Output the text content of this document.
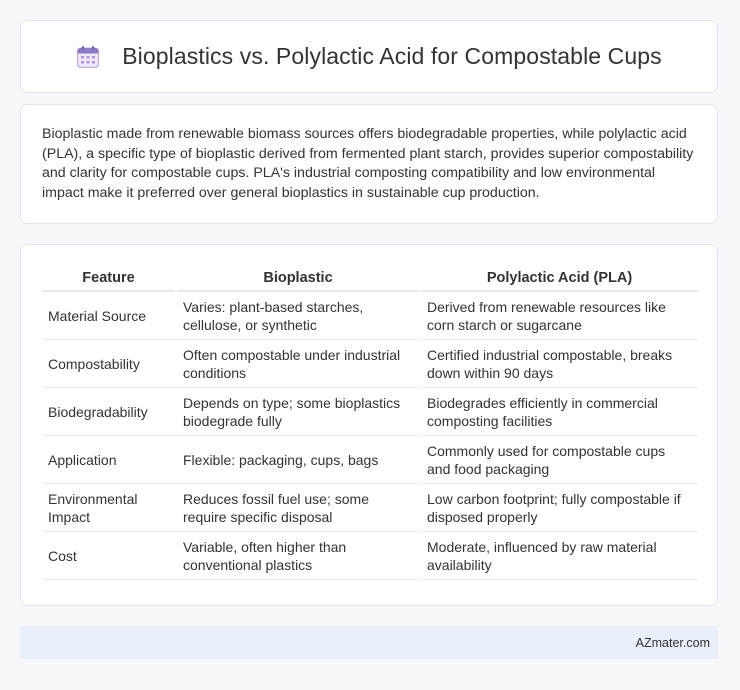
Bioplastics vs. Polylactic Acid for Compostable Cups

Bioplastic made from renewable biomass sources offers biodegradable properties, while polylactic acid (PLA), a specific type of bioplastic derived from fermented plant starch, provides superior compostability and clarity for compostable cups. PLA's industrial composting compatibility and low environmental impact make it preferred over general bioplastics in sustainable cup production.

Feature	Bioplastic	Polylactic Acid (PLA)
Material Source	Varies: plant-based starches, cellulose, or synthetic	Derived from renewable resources like corn starch or sugarcane
Compostability	Often compostable under industrial conditions	Certified industrial compostable, breaks down within 90 days
Biodegradability	Depends on type; some bioplastics biodegrade fully	Biodegrades efficiently in commercial composting facilities
Application	Flexible: packaging, cups, bags	Commonly used for compostable cups and food packaging
Environmental Impact	Reduces fossil fuel use; some require specific disposal	Low carbon footprint; fully compostable if disposed properly
Cost	Variable, often higher than conventional plastics	Moderate, influenced by raw material availability
AZmater.com
